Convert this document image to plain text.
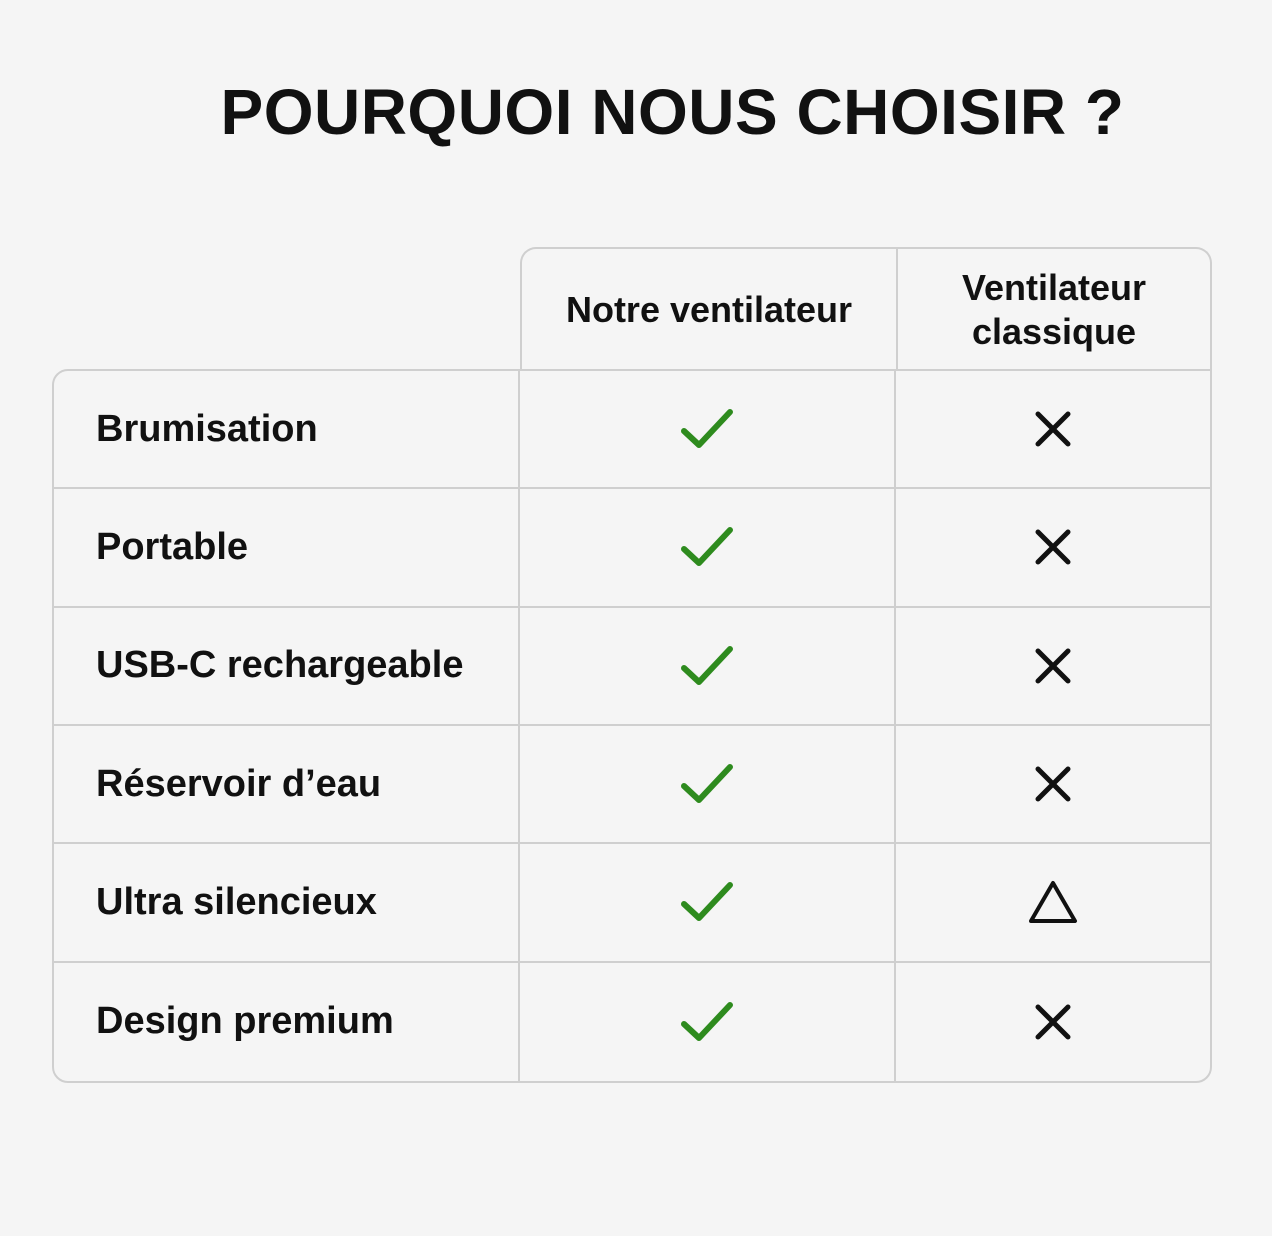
POURQUOI NOUS CHOISIR ?
Notre ventilateur
Ventilateur
classique
Brumisation
Portable
USB-C rechargeable
Réservoir d’eau
Ultra silencieux
Design premium
